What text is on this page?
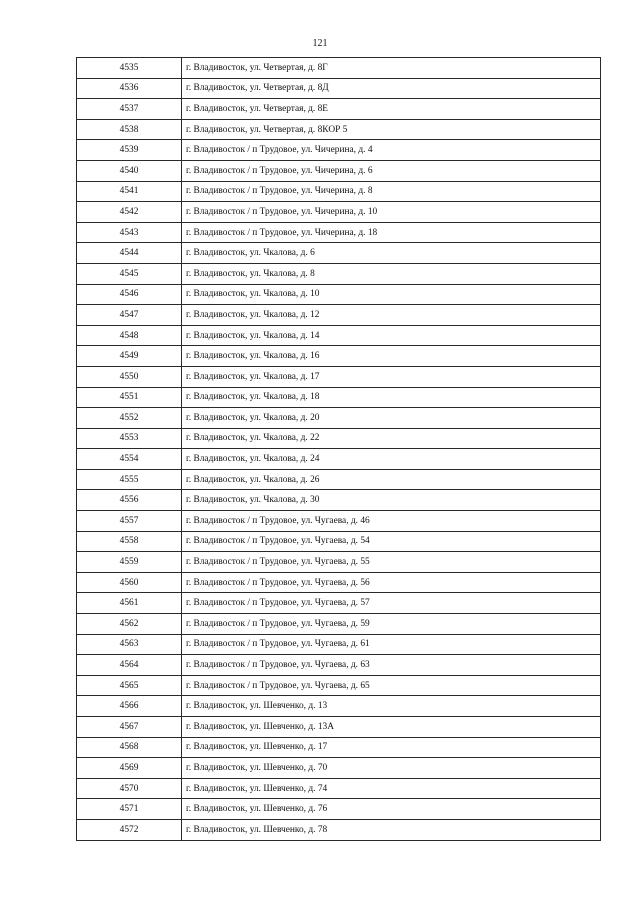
121
4535	г. Владивосток, ул. Четвертая, д. 8Г
4536	г. Владивосток, ул. Четвертая, д. 8Д
4537	г. Владивосток, ул. Четвертая, д. 8Е
4538	г. Владивосток, ул. Четвертая, д. 8КОР 5
4539	г. Владивосток / п Трудовое, ул. Чичерина, д. 4
4540	г. Владивосток / п Трудовое, ул. Чичерина, д. 6
4541	г. Владивосток / п Трудовое, ул. Чичерина, д. 8
4542	г. Владивосток / п Трудовое, ул. Чичерина, д. 10
4543	г. Владивосток / п Трудовое, ул. Чичерина, д. 18
4544	г. Владивосток, ул. Чкалова, д. 6
4545	г. Владивосток, ул. Чкалова, д. 8
4546	г. Владивосток, ул. Чкалова, д. 10
4547	г. Владивосток, ул. Чкалова, д. 12
4548	г. Владивосток, ул. Чкалова, д. 14
4549	г. Владивосток, ул. Чкалова, д. 16
4550	г. Владивосток, ул. Чкалова, д. 17
4551	г. Владивосток, ул. Чкалова, д. 18
4552	г. Владивосток, ул. Чкалова, д. 20
4553	г. Владивосток, ул. Чкалова, д. 22
4554	г. Владивосток, ул. Чкалова, д. 24
4555	г. Владивосток, ул. Чкалова, д. 26
4556	г. Владивосток, ул. Чкалова, д. 30
4557	г. Владивосток / п Трудовое, ул. Чугаева, д. 46
4558	г. Владивосток / п Трудовое, ул. Чугаева, д. 54
4559	г. Владивосток / п Трудовое, ул. Чугаева, д. 55
4560	г. Владивосток / п Трудовое, ул. Чугаева, д. 56
4561	г. Владивосток / п Трудовое, ул. Чугаева, д. 57
4562	г. Владивосток / п Трудовое, ул. Чугаева, д. 59
4563	г. Владивосток / п Трудовое, ул. Чугаева, д. 61
4564	г. Владивосток / п Трудовое, ул. Чугаева, д. 63
4565	г. Владивосток / п Трудовое, ул. Чугаева, д. 65
4566	г. Владивосток, ул. Шевченко, д. 13
4567	г. Владивосток, ул. Шевченко, д. 13А
4568	г. Владивосток, ул. Шевченко, д. 17
4569	г. Владивосток, ул. Шевченко, д. 70
4570	г. Владивосток, ул. Шевченко, д. 74
4571	г. Владивосток, ул. Шевченко, д. 76
4572	г. Владивосток, ул. Шевченко, д. 78
